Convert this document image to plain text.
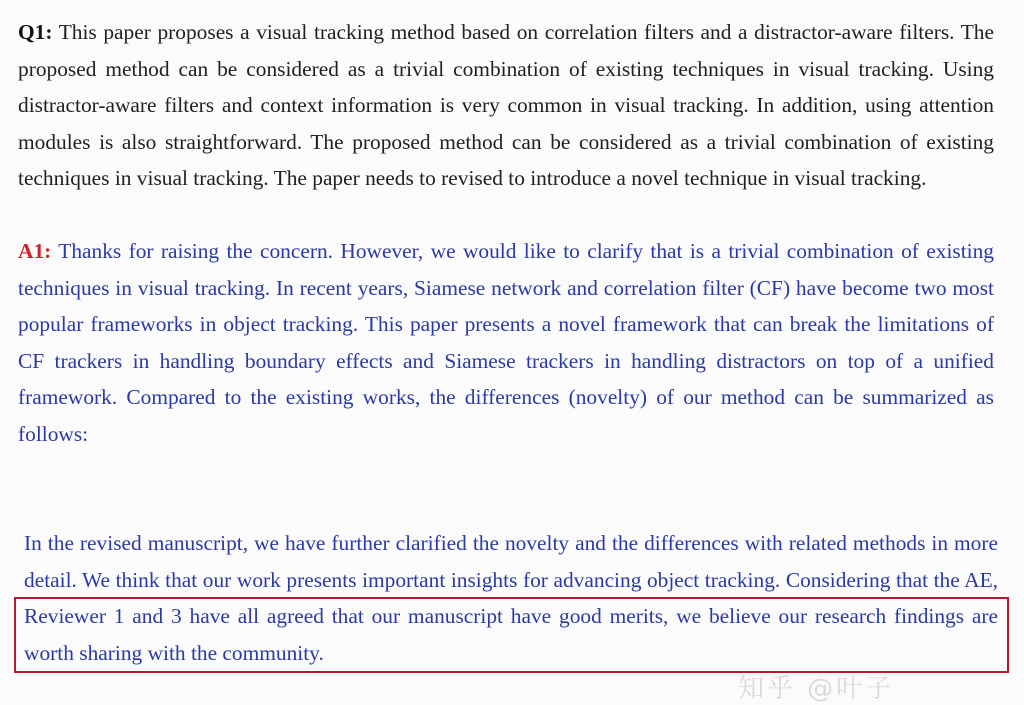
Q1: This paper proposes a visual tracking method based on correlation filters and a distractor-aware filters. The proposed method can be considered as a trivial combination of existing techniques in visual tracking. Using distractor-aware filters and context information is very common in visual tracking. In addition, using attention modules is also straightforward. The proposed method can be considered as a trivial combination of existing techniques in visual tracking. The paper needs to revised to introduce a novel technique in visual tracking.

A1: Thanks for raising the concern. However, we would like to clarify that is a trivial combination of existing techniques in visual tracking. In recent years, Siamese network and correlation filter (CF) have become two most popular frameworks in object tracking. This paper presents a novel framework that can break the limitations of CF trackers in handling boundary effects and Siamese trackers in handling distractors on top of a unified framework. Compared to the existing works, the differences (novelty) of our method can be summarized as follows:

In the revised manuscript, we have further clarified the novelty and the differences with related methods in more detail. We think that our work presents important insights for advancing object tracking. Considering that the AE, Reviewer 1 and 3 have all agreed that our manuscript have good merits, we believe our research findings are worth sharing with the community.

知乎 @叶子
